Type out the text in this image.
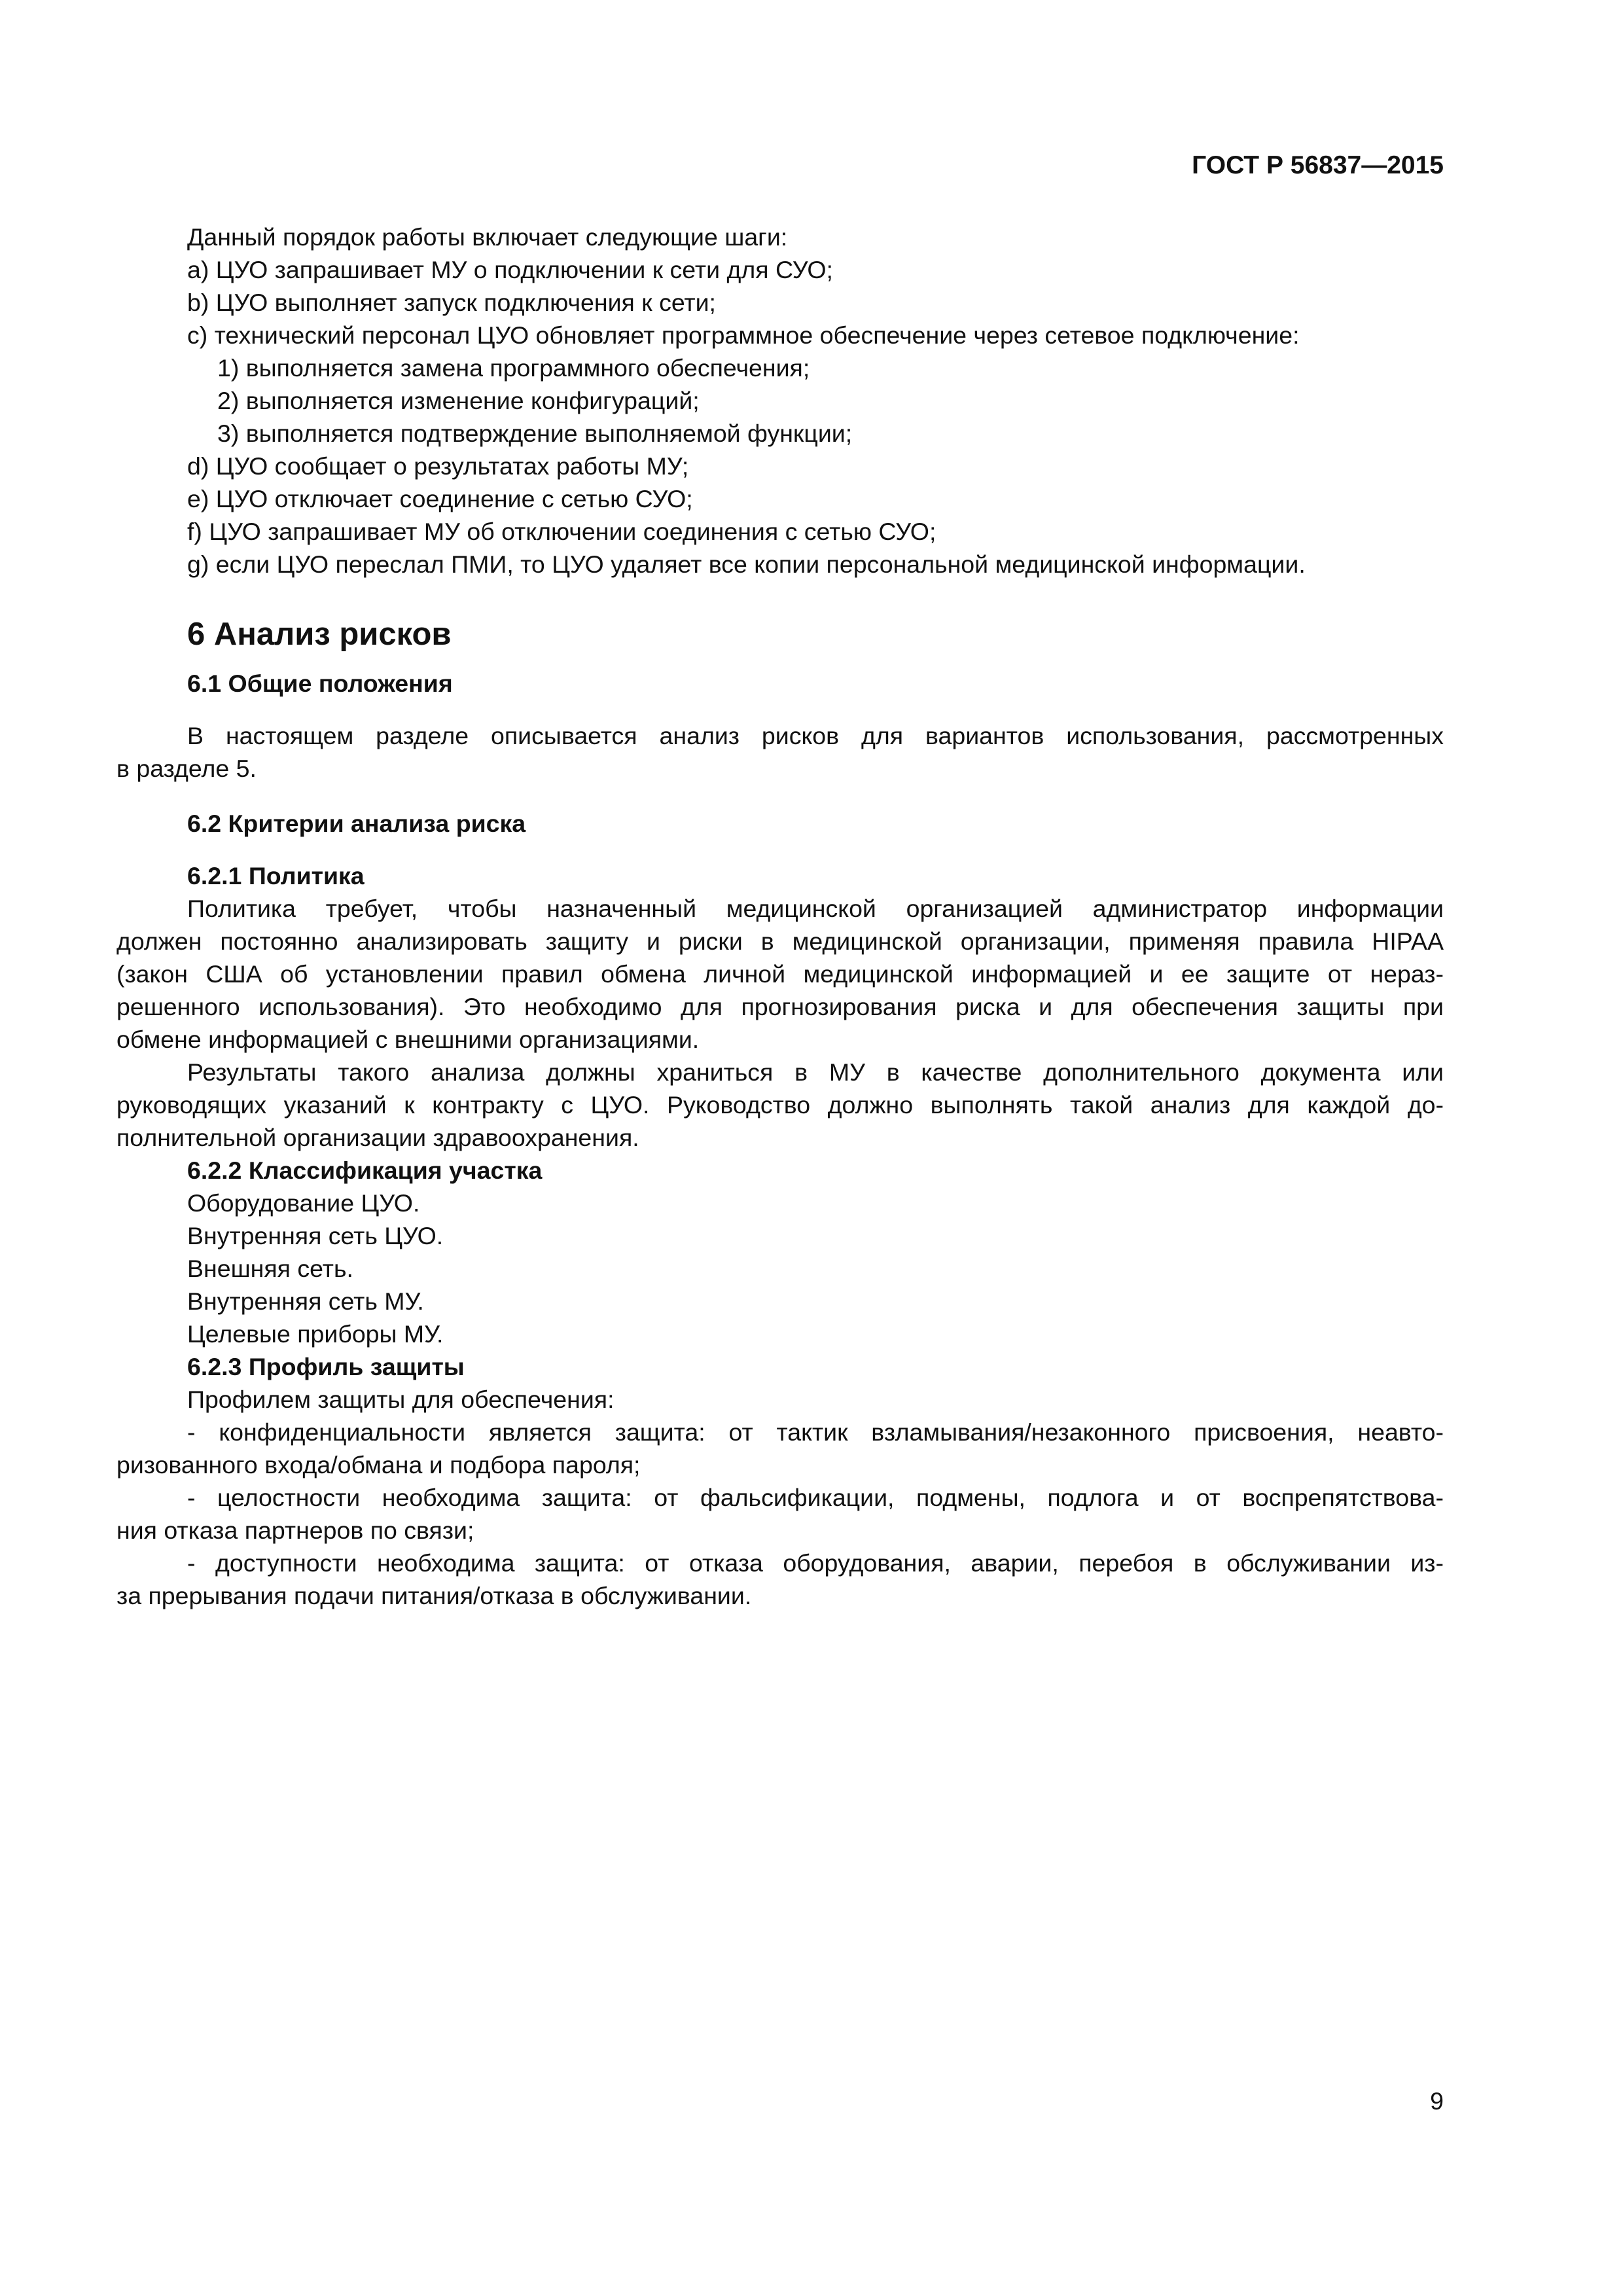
ГОСТ Р 56837—2015

Данный порядок работы включает следующие шаги:

a) ЦУО запрашивает МУ о подключении к сети для СУО;

b) ЦУО выполняет запуск подключения к сети;

c) технический персонал ЦУО обновляет программное обеспечение через сетевое подключение:

1) выполняется замена программного обеспечения;

2) выполняется изменение конфигураций;

3) выполняется подтверждение выполняемой функции;

d) ЦУО сообщает о результатах работы МУ;

e) ЦУО отключает соединение с сетью СУО;

f) ЦУО запрашивает МУ об отключении соединения с сетью СУО;

g) если ЦУО переслал ПМИ, то ЦУО удаляет все копии персональной медицинской информации.

6 Анализ рисков
6.1 Общие положения

В настоящем разделе описывается анализ рисков для вариантов использования, рассмотренных

в разделе 5.

6.2 Критерии анализа риска
6.2.1 Политика

Политика требует, чтобы назначенный медицинской организацией администратор информации

должен постоянно анализировать защиту и риски в медицинской организации, применяя правила HIPAA

(закон США об установлении правил обмена личной медицинской информацией и ее защите от нераз-

решенного использования). Это необходимо для прогнозирования риска и для обеспечения защиты при

обмене информацией с внешними организациями.

Результаты такого анализа должны храниться в МУ в качестве дополнительного документа или

руководящих указаний к контракту с ЦУО. Руководство должно выполнять такой анализ для каждой до-

полнительной организации здравоохранения.

6.2.2 Классификация участка

Оборудование ЦУО.

Внутренняя сеть ЦУО.

Внешняя сеть.

Внутренняя сеть МУ.

Целевые приборы МУ.

6.2.3 Профиль защиты

Профилем защиты для обеспечения:

- конфиденциальности является защита: от тактик взламывания/незаконного присвоения, неавто-

ризованного входа/обмана и подбора пароля;

- целостности необходима защита: от фальсификации, подмены, подлога и от воспрепятствова-

ния отказа партнеров по связи;

- доступности необходима защита: от отказа оборудования, аварии, перебоя в обслуживании из-

за прерывания подачи питания/отказа в обслуживании.

9
